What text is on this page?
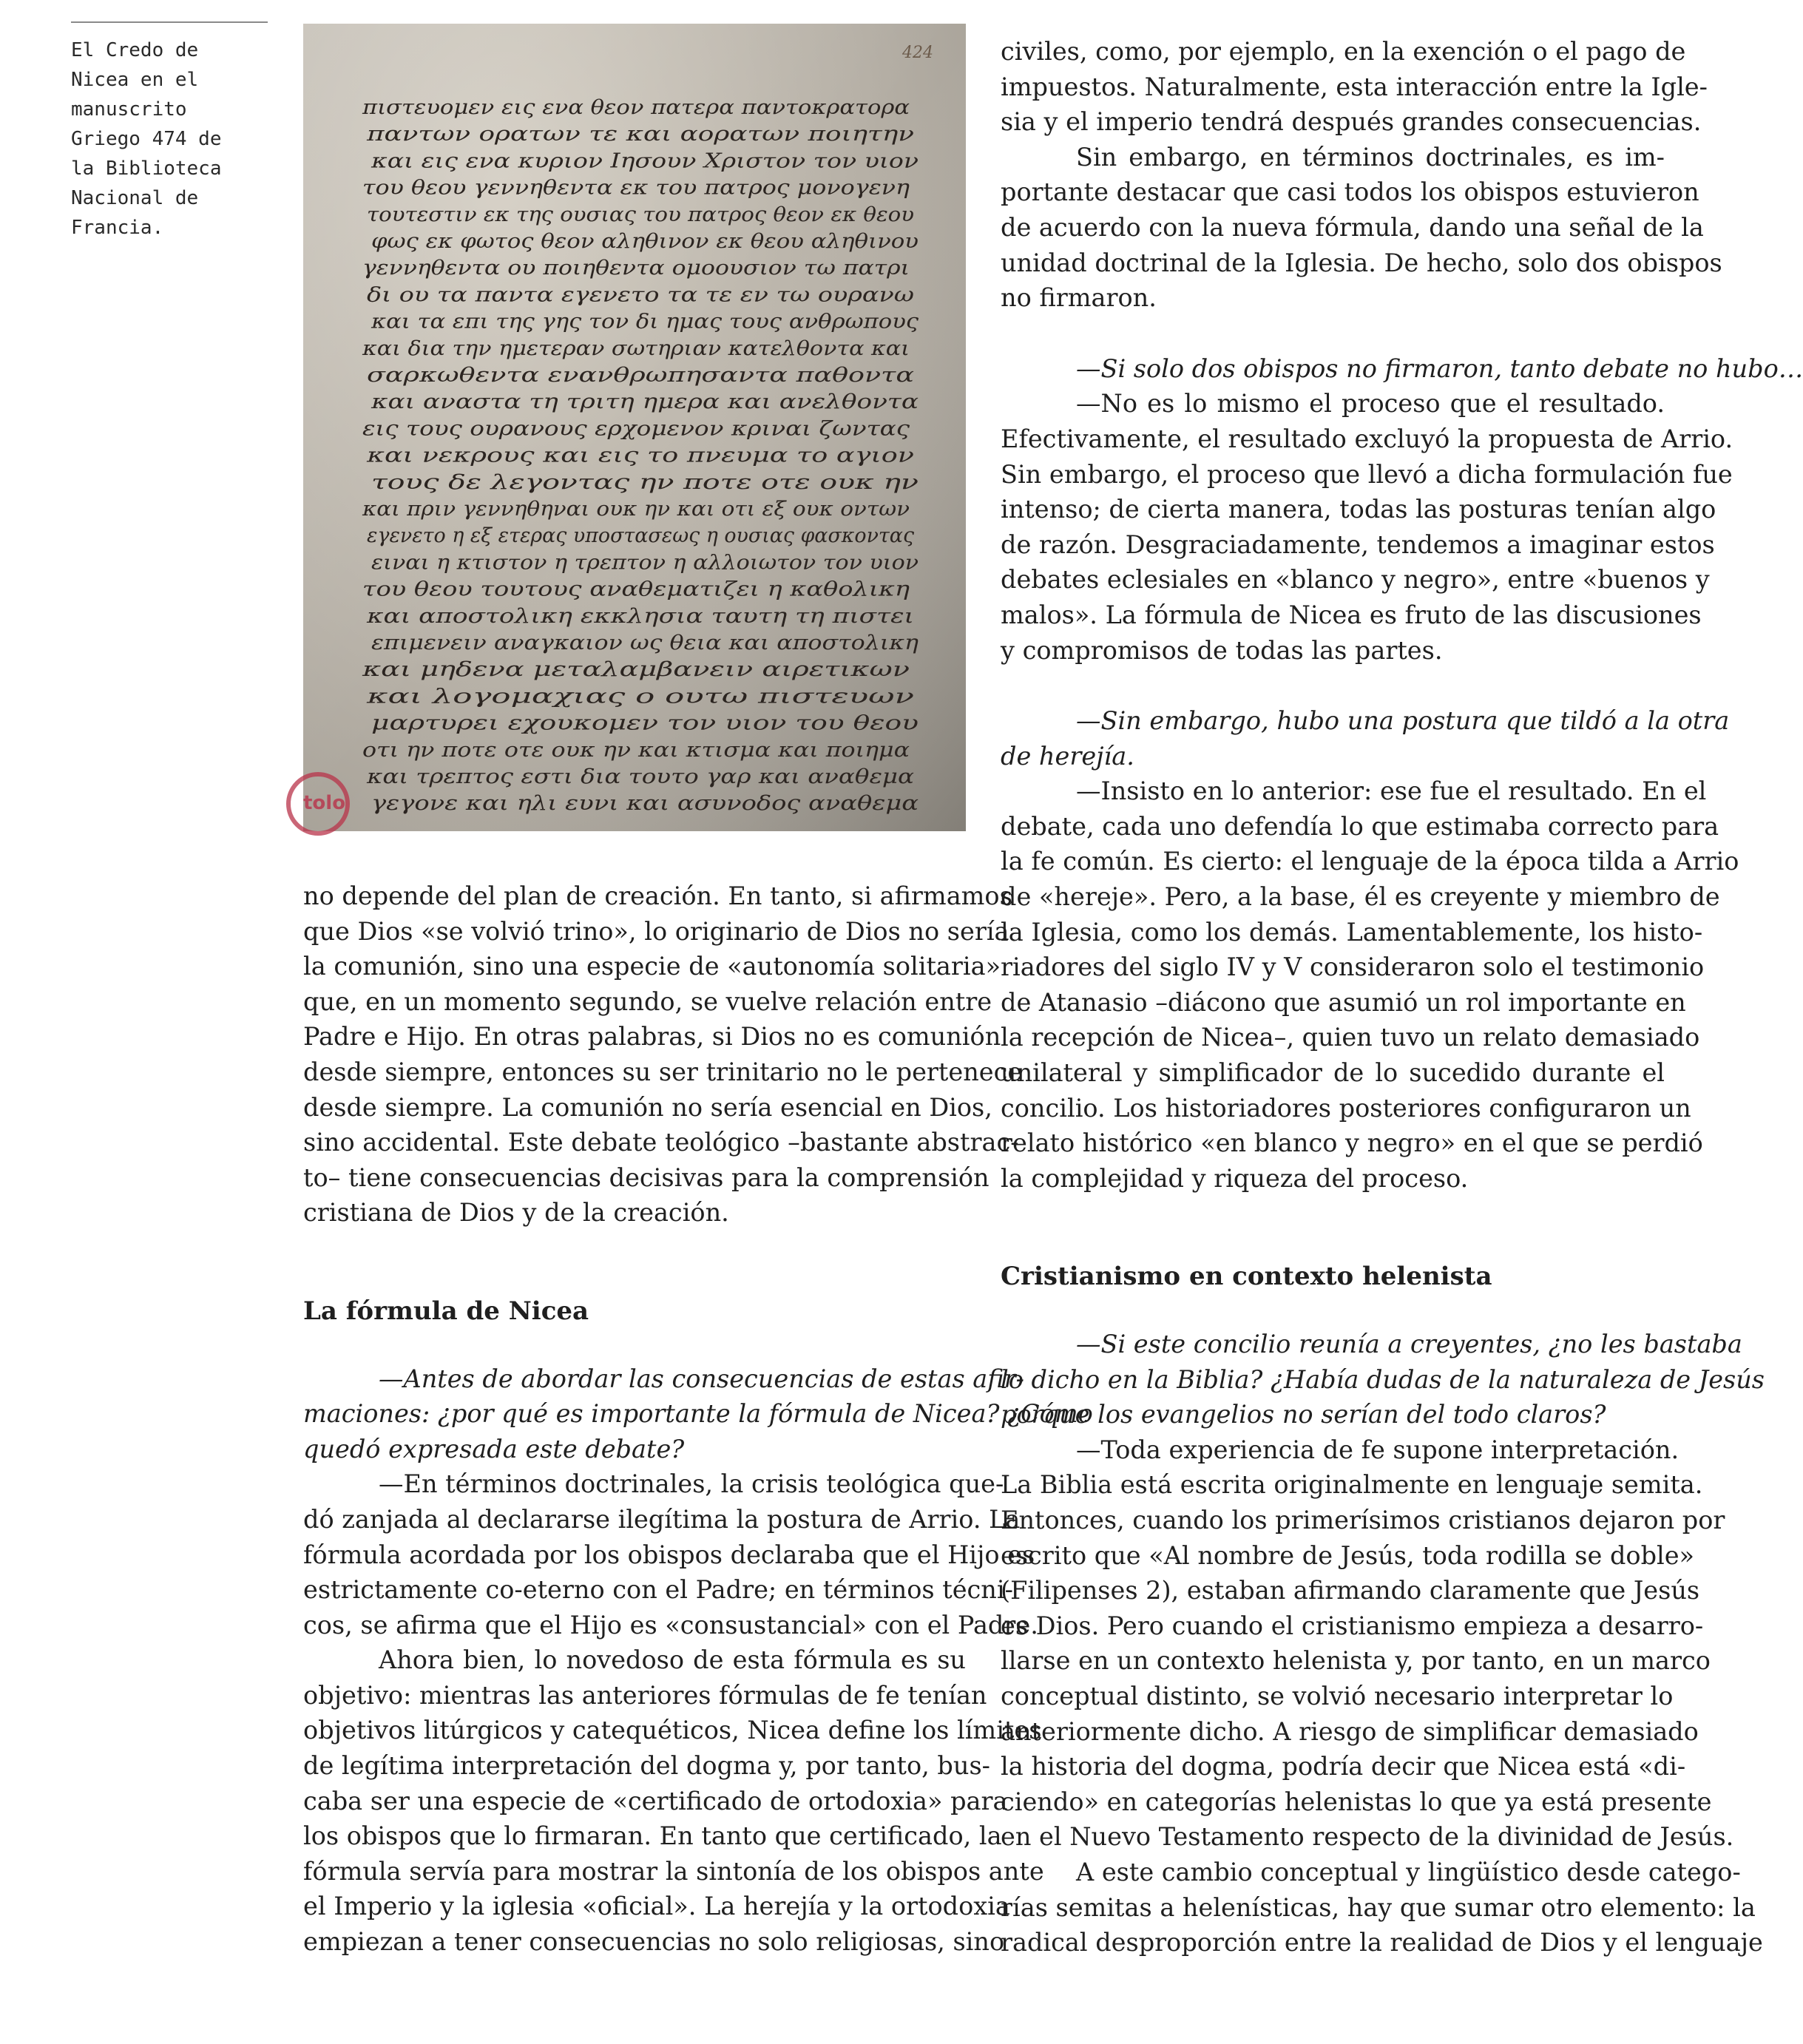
El Credo de
Nicea en el
manuscrito
Griego 474 de
la Biblioteca
Nacional de
Francia.
424
πιστευομεν εις ενα θεον πατερα παντοκρατορα
παντων ορατων τε και αορατων ποιητην
και εις ενα κυριον Ιησουν Χριστον τον υιον
του θεου γεννηθεντα εκ του πατρος μονογενη
τουτεστιν εκ της ουσιας του πατρος θεον εκ θεου
φως εκ φωτος θεον αληθινον εκ θεου αληθινου
γεννηθεντα ου ποιηθεντα ομοουσιον τω πατρι
δι ου τα παντα εγενετο τα τε εν τω ουρανω
και τα επι της γης τον δι ημας τους ανθρωπους
και δια την ημετεραν σωτηριαν κατελθοντα και
σαρκωθεντα ενανθρωπησαντα παθοντα
και αναστα τη τριτη ημερα και ανελθοντα
εις τους ουρανους ερχομενον κριναι ζωντας
και νεκρους και εις το πνευμα το αγιον
τους δε λεγοντας ην ποτε οτε ουκ ην
και πριν γεννηθηναι ουκ ην και οτι εξ ουκ οντων
εγενετο η εξ ετερας υποστασεως η ουσιας φασκοντας
ειναι η κτιστον η τρεπτον η αλλοιωτον τον υιον
του θεου τουτους αναθεματιζει η καθολικη
και αποστολικη εκκλησια ταυτη τη πιστει
επιμενειν αναγκαιον ως θεια και αποστολικη
και μηδενα μεταλαμβανειν αιρετικων
και λογομαχιας ο ουτω πιστευων
μαρτυρει εχουκομεν τον υιον του θεου
οτι ην ποτε οτε ουκ ην και κτισμα και ποιημα
και τρεπτος εστι δια τουτο γαρ και αναθεμα
γεγονε και ηλι ευνι και ασυνοδος αναθεμα
tolo
no depende del plan de creación. En tanto, si afirmamos
que Dios «se volvió trino», lo originario de Dios no sería
la comunión, sino una especie de «autonomía solitaria»
que, en un momento segundo, se vuelve relación entre
Padre e Hijo. En otras palabras, si Dios no es comunión
desde siempre, entonces su ser trinitario no le pertenece
desde siempre. La comunión no sería esencial en Dios,
sino accidental. Este debate teológico –bastante abstrac-
to– tiene consecuencias decisivas para la comprensión
cristiana de Dios y de la creación.
La fórmula de Nicea
—Antes de abordar las consecuencias de estas afir-
maciones: ¿por qué es importante la fórmula de Nicea? ¿Cómo
quedó expresada este debate?
—En términos doctrinales, la crisis teológica que-
dó zanjada al declararse ilegítima la postura de Arrio. La
fórmula acordada por los obispos declaraba que el Hijo es
estrictamente co-eterno con el Padre; en términos técni-
cos, se afirma que el Hijo es «consustancial» con el Padre.
Ahora bien, lo novedoso de esta fórmula es su
objetivo: mientras las anteriores fórmulas de fe tenían
objetivos litúrgicos y catequéticos, Nicea define los límites
de legítima interpretación del dogma y, por tanto, bus-
caba ser una especie de «certificado de ortodoxia» para
los obispos que lo firmaran. En tanto que certificado, la
fórmula servía para mostrar la sintonía de los obispos ante
el Imperio y la iglesia «oficial». La herejía y la ortodoxia
empiezan a tener consecuencias no solo religiosas, sino
civiles, como, por ejemplo, en la exención o el pago de
impuestos. Naturalmente, esta interacción entre la Igle-
sia y el imperio tendrá después grandes consecuencias.
Sin embargo, en términos doctrinales, es im-
portante destacar que casi todos los obispos estuvieron
de acuerdo con la nueva fórmula, dando una señal de la
unidad doctrinal de la Iglesia. De hecho, solo dos obispos
no firmaron.
—Si solo dos obispos no firmaron, tanto debate no hubo…
—No es lo mismo el proceso que el resultado.
Efectivamente, el resultado excluyó la propuesta de Arrio.
Sin embargo, el proceso que llevó a dicha formulación fue
intenso; de cierta manera, todas las posturas tenían algo
de razón. Desgraciadamente, tendemos a imaginar estos
debates eclesiales en «blanco y negro», entre «buenos y
malos». La fórmula de Nicea es fruto de las discusiones
y compromisos de todas las partes.
—Sin embargo, hubo una postura que tildó a la otra
de herejía.
—Insisto en lo anterior: ese fue el resultado. En el
debate, cada uno defendía lo que estimaba correcto para
la fe común. Es cierto: el lenguaje de la época tilda a Arrio
de «hereje». Pero, a la base, él es creyente y miembro de
la Iglesia, como los demás. Lamentablemente, los histo-
riadores del siglo IV y V consideraron solo el testimonio
de Atanasio –diácono que asumió un rol importante en
la recepción de Nicea–, quien tuvo un relato demasiado
unilateral y simplificador de lo sucedido durante el
concilio. Los historiadores posteriores configuraron un
relato histórico «en blanco y negro» en el que se perdió
la complejidad y riqueza del proceso.
Cristianismo en contexto helenista
—Si este concilio reunía a creyentes, ¿no les bastaba
lo dicho en la Biblia? ¿Había dudas de la naturaleza de Jesús
porque los evangelios no serían del todo claros?
—Toda experiencia de fe supone interpretación.
La Biblia está escrita originalmente en lenguaje semita.
Entonces, cuando los primerísimos cristianos dejaron por
escrito que «Al nombre de Jesús, toda rodilla se doble»
(Filipenses 2), estaban afirmando claramente que Jesús
es Dios. Pero cuando el cristianismo empieza a desarro-
llarse en un contexto helenista y, por tanto, en un marco
conceptual distinto, se volvió necesario interpretar lo
anteriormente dicho. A riesgo de simplificar demasiado
la historia del dogma, podría decir que Nicea está «di-
ciendo» en categorías helenistas lo que ya está presente
en el Nuevo Testamento respecto de la divinidad de Jesús.
A este cambio conceptual y lingüístico desde catego-
rías semitas a helenísticas, hay que sumar otro elemento: la
radical desproporción entre la realidad de Dios y el lenguaje
